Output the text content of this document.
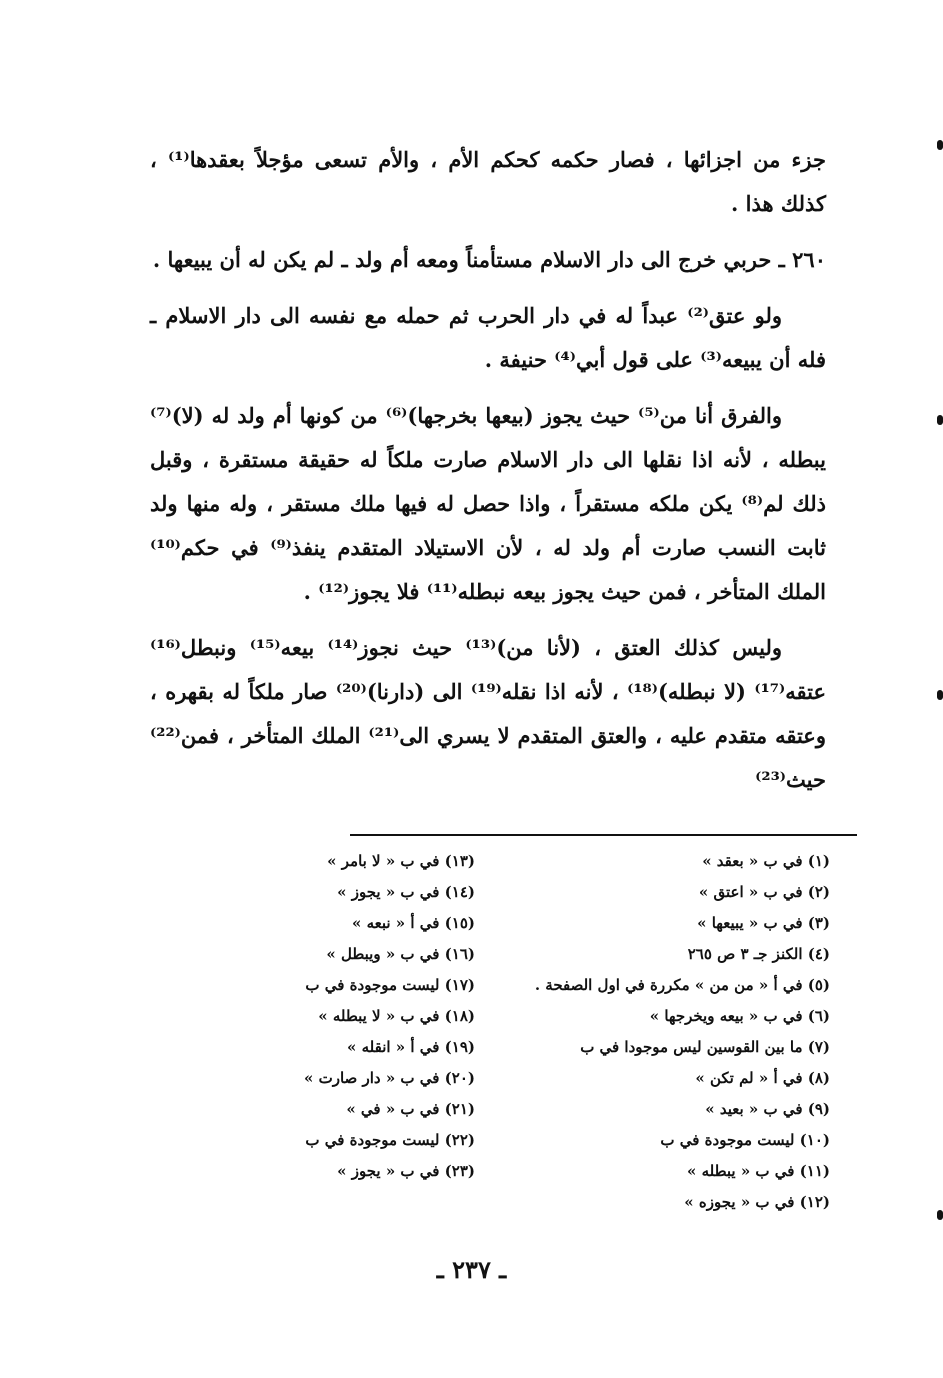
جزء من اجزائها ، فصار حكمه كحكم الأم ، والأم تسعى مؤجلاً بعقدها⁽¹⁾ ، كذلك هذا .

٢٦٠ ـ حربي خرج الى دار الاسلام مستأمناً ومعه أم ولد ـ لم يكن له أن يبيعها .

ولو عتق⁽²⁾ عبداً له في دار الحرب ثم حمله مع نفسه الى دار الاسلام ـ فله أن يبيعه⁽³⁾ على قول أبي⁽⁴⁾ حنيفة .

والفرق أنا من⁽⁵⁾ حيث يجوز (بيعها بخرجها)⁽⁶⁾ من كونها أم ولد له (لا)⁽⁷⁾ يبطله ، لأنه اذا نقلها الى دار الاسلام صارت ملكاً له حقيقة مستقرة ، وقبل ذلك لم⁽⁸⁾ يكن ملكه مستقراً ، واذا حصل له فيها ملك مستقر ، وله منها ولد ثابت النسب صارت أم ولد له ، لأن الاستيلاد المتقدم ينفذ⁽⁹⁾ في حكم⁽¹⁰⁾ الملك المتأخر ، فمن حيث يجوز بيعه نبطله⁽¹¹⁾ فلا يجوز⁽¹²⁾ .

وليس كذلك العتق ، (لأنا من)⁽¹³⁾ حيث نجوز⁽¹⁴⁾ بيعه⁽¹⁵⁾ ونبطل⁽¹⁶⁾ عتقه⁽¹⁷⁾ (لا نبطله)⁽¹⁸⁾ ، لأنه اذا نقله⁽¹⁹⁾ الى (دارنا)⁽²⁰⁾ صار ملكاً له بقهره ، وعتقه متقدم عليه ، والعتق المتقدم لا يسري الى⁽²¹⁾ الملك المتأخر ، فمن⁽²²⁾ حيث⁽²³⁾

(١) في ب « بعقد »
(٢) في ب « اعتق »
(٣) في ب « يبيعها »
(٤) الكنز جـ ٣ ص ٢٦٥
(٥) في أ « من من » مكررة في اول الصفحة .
(٦) في ب « بيعه ويخرجها »
(٧) ما بين القوسين ليس موجودا في ب
(٨) في أ « لم تكن »
(٩) في ب « بعيد »
(١٠) ليست موجودة في ب
(١١) في ب « يبطله »
(١٢) في ب « يجوزه »
(١٣) في ب « لا بامر »
(١٤) في ب « يجوز »
(١٥) في أ « نبعه »
(١٦) في ب « ويبطل »
(١٧) ليست موجودة في ب
(١٨) في ب « لا يبطله »
(١٩) في أ « انقله »
(٢٠) في ب « دار صارت »
(٢١) في ب « في »
(٢٢) ليست موجودة في ب
(٢٣) في ب « يجوز »
ـ ٢٣٧ ـ
